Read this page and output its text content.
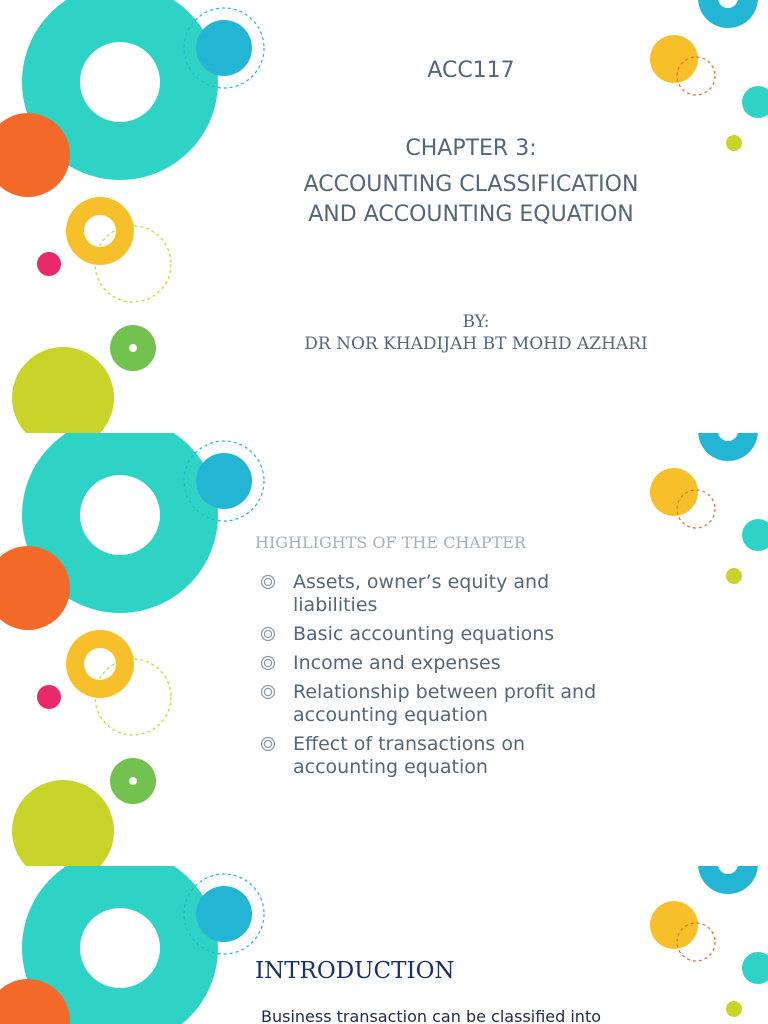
ACC117
CHAPTER 3:
ACCOUNTING CLASSIFICATION
AND ACCOUNTING EQUATION
BY:
DR NOR KHADIJAH BT MOHD AZHARI
HIGHLIGHTS OF THE CHAPTER
Assets, owner’s equity and
liabilities
Basic accounting equations
Income and expenses
Relationship between profit and
accounting equation
Effect of transactions on
accounting equation
INTRODUCTION
Business transaction can be classified into
